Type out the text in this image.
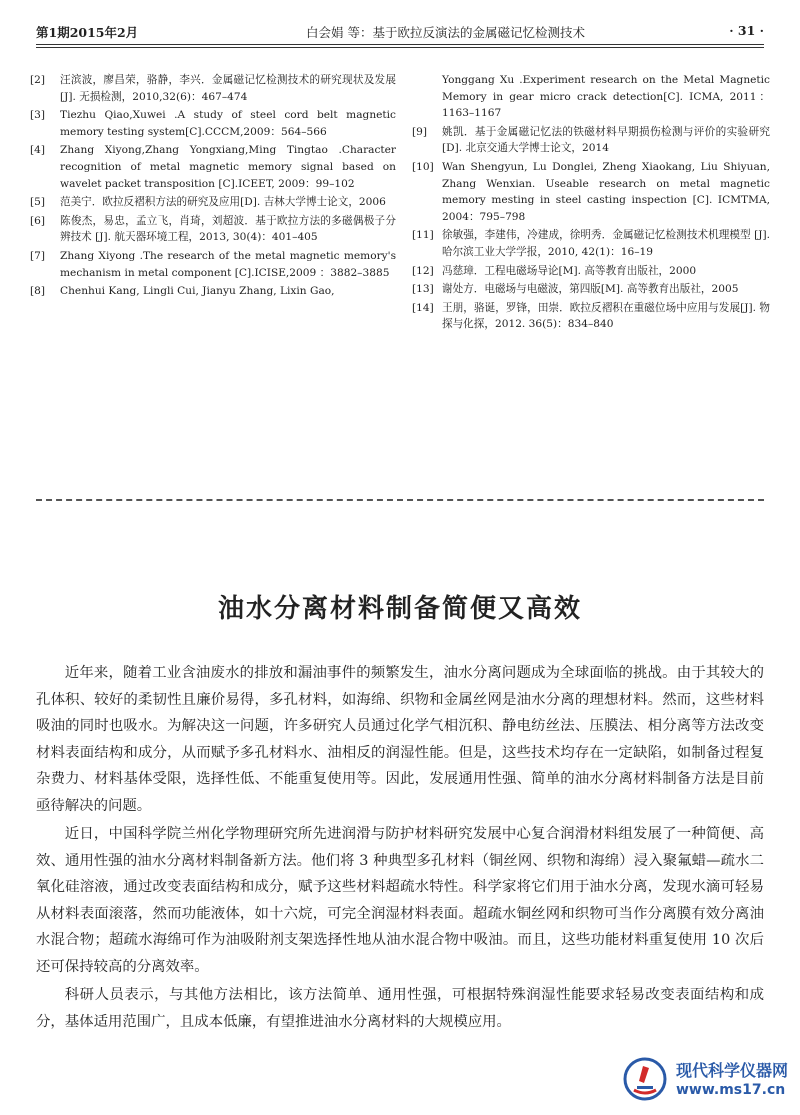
第1期2015年2月	白会娟 等：基于欧拉反演法的金属磁记忆检测技术	· 31 ·
[2]	汪滨波，廖昌荣，骆静，李兴．金属磁记忆检测技术的研究现状及发展[J]. 无损检测，2010,32(6)：467–474
[3]	Tiezhu Qiao,Xuwei .A study of steel cord belt magnetic memory testing system[C].CCCM,2009：564–566
[4]	Zhang Xiyong,Zhang Yongxiang,Ming Tingtao .Character recognition of metal magnetic memory signal based on wavelet packet transposition [C].ICEET, 2009：99–102
[5]	范美宁．欧拉反褶积方法的研究及应用[D]. 吉林大学博士论文，2006
[6]	陈俊杰，易忠，孟立飞，肖琦，刘超波．基于欧拉方法的多磁偶极子分辨技术 [J]. 航天器环境工程，2013, 30(4)：401–405
[7]	Zhang Xiyong .The research of the metal magnetic memory's mechanism in metal component [C].ICISE,2009 ：3882–3885
[8]	Chenhui Kang, Lingli Cui, Jianyu Zhang, Lixin Gao,
Yonggang Xu .Experiment research on the Metal Magnetic Memory in gear micro crack detection[C]. ICMA, 2011：1163–1167
[9]	姚凯．基于金属磁记忆法的铁磁材料早期损伤检测与评价的实验研究[D]. 北京交通大学博士论文，2014
[10] Wan Shengyun, Lu Donglei, Zheng Xiaokang, Liu Shiyuan, Zhang Wenxian. Useable research on metal magnetic memory mesting in steel casting inspection [C]. ICMTMA, 2004：795–798
[11] 徐敏强，李建伟，冷建成，徐明秀．金属磁记忆检测技术机理模型 [J]. 哈尔滨工业大学学报，2010, 42(1)：16–19
[12] 冯慈璋．工程电磁场导论[M]. 高等教育出版社，2000
[13] 谢处方．电磁场与电磁波，第四版[M]. 高等教育出版社，2005
[14] 王朋，骆诞，罗锋，田崇．欧拉反褶积在重磁位场中应用与发展[J]. 物探与化探，2012. 36(5)：834–840
油水分离材料制备简便又高效

近年来，随着工业含油废水的排放和漏油事件的频繁发生，油水分离问题成为全球面临的挑战。由于其较大的孔体积、较好的柔韧性且廉价易得，多孔材料，如海绵、织物和金属丝网是油水分离的理想材料。然而，这些材料吸油的同时也吸水。为解决这一问题，许多研究人员通过化学气相沉积、静电纺丝法、压膜法、相分离等方法改变材料表面结构和成分，从而赋予多孔材料水、油相反的润湿性能。但是，这些技术均存在一定缺陷，如制备过程复杂费力、材料基体受限，选择性低、不能重复使用等。因此，发展通用性强、简单的油水分离材料制备方法是目前亟待解决的问题。

近日，中国科学院兰州化学物理研究所先进润滑与防护材料研究发展中心复合润滑材料组发展了一种简便、高效、通用性强的油水分离材料制备新方法。他们将 3 种典型多孔材料（铜丝网、织物和海绵）浸入聚氟蜡—疏水二氧化硅溶液，通过改变表面结构和成分，赋予这些材料超疏水特性。科学家将它们用于油水分离，发现水滴可轻易从材料表面滚落，然而功能液体，如十六烷，可完全润湿材料表面。超疏水铜丝网和织物可当作分离膜有效分离油水混合物；超疏水海绵可作为油吸附剂支架选择性地从油水混合物中吸油。而且，这些功能材料重复使用 10 次后还可保持较高的分离效率。

科研人员表示，与其他方法相比，该方法简单、通用性强，可根据特殊润湿性能要求轻易改变表面结构和成分，基体适用范围广，且成本低廉，有望推进油水分离材料的大规模应用。

现代科学仪器网
www.ms17.cn
